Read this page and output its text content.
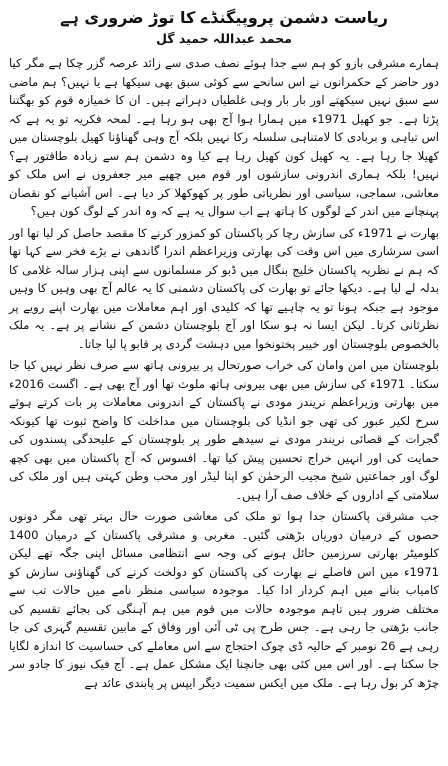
ریاست دشمن پروپیگنڈے کا توڑ ضروری ہے
محمد عبداللہ حمید گل

ہمارے مشرقی بازو کو ہم سے جدا ہوئے نصف صدی سے زائد عرصہ گزر چکا ہے مگر کیا دور حاضر کے حکمرانوں نے اس سانحے سے کوئی سبق بھی سیکھا ہے یا نہیں؟ ہم ماضی سے سبق نہیں سیکھتے اور بار بار وہی غلطیاں دہراتے ہیں۔ ان کا خمیازہ قوم کو بھگتنا پڑتا ہے۔ جو کھیل 1971ء میں ہمارا ہوا آج بھی ہو رہا ہے۔ لمحہ فکریہ تو یہ ہے کہ اس تباہی و بربادی کا لامتناہی سلسلہ رکا نہیں بلکہ آج وہی گھناؤنا کھیل بلوچستان میں کھیلا جا رہا ہے۔ یہ کھیل کون کھیل رہا ہے کیا وہ دشمن ہم سے زیادہ طاقتور ہے؟ نہیں! بلکہ ہماری اندرونی سازشوں اور قوم میں چھپے میر جعفروں نے اس ملک کو معاشی، سماجی، سیاسی اور نظریاتی طور پر کھوکھلا کر دیا ہے۔ اس آشیانے کو نقصان پہنچانے میں اندر کے لوگوں کا ہاتھ ہے اب سوال یہ ہے کہ وہ اندر کے لوگ کون ہیں؟

بھارت نے 1971ء کی سازش رچا کر پاکستان کو کمزور کرنے کا مقصد حاصل کر لیا تھا اور اسی سرشاری میں اس وقت کی بھارتی وزیراعظم اندرا گاندھی نے بڑے فخر سے کہا تھا کہ ہم نے نظریہ پاکستان خلیج بنگال میں ڈبو کر مسلمانوں سے اپنی ہزار سالہ غلامی کا بدلہ لے لیا ہے۔ دیکھا جائے تو بھارت کی پاکستان دشمنی کا یہ عالم آج بھی وہیں کا وہیں موجود ہے جبکہ ہونا تو یہ چاہیے تھا کہ کلیدی اور اہم معاملات میں بھارت اپنے رویے پر نظرثانی کرتا۔ لیکن ایسا نہ ہو سکا اور آج بلوچستان دشمن کے نشانے پر ہے۔ یہ ملک بالخصوص بلوچستان اور خیبر پختونخوا میں دہشت گردی پر قابو پا لیا جاتا۔

بلوچستان میں امن وامان کی خراب صورتحال پر بیرونی ہاتھ سے صرف نظر نہیں کیا جا سکتا۔ 1971ء کی سازش میں بھی بیرونی ہاتھ ملوث تھا اور آج بھی ہے۔ اگست 2016ء میں بھارتی وزیراعظم نریندر مودی نے پاکستان کے اندرونی معاملات پر بات کرتے ہوئے سرخ لکیر عبور کی تھی جو انڈیا کی بلوچستان میں مداخلت کا واضح ثبوت تھا کیونکہ گجرات کے قصائی نریندر مودی نے سیدھے طور پر بلوچستان کے علیحدگی پسندوں کی حمایت کی اور انہیں خراج تحسین پیش کیا تھا۔ افسوس کہ آج پاکستان میں بھی کچھ لوگ اور جماعتیں شیخ مجیب الرحمٰن کو اپنا لیڈر اور محب وطن کہتی ہیں اور ملک کی سلامتی کے اداروں کے خلاف صف آرا ہیں۔

جب مشرقی پاکستان جدا ہوا تو ملک کی معاشی صورت حال بہتر تھی مگر دونوں حصوں کے درمیان دوریاں بڑھتی گئیں۔ مغربی و مشرقی پاکستان کے درمیان 1400 کلومیٹر بھارتی سرزمین حائل ہونے کی وجہ سے انتظامی مسائل اپنی جگہ تھے لیکن 1971ء میں اس فاصلے نے بھارت کی پاکستان کو دولخت کرنے کی گھناؤنی سازش کو کامیاب بنانے میں اہم کردار ادا کیا۔ موجودہ سیاسی منظر نامے میں حالات تب سے مختلف ضرور ہیں تاہم موجودہ حالات میں قوم میں ہم آہنگی کی بجائے تقسیم کی جانب بڑھتی جا رہی ہے۔ جس طرح پی ٹی آئی اور وفاق کے مابین تقسیم گہری کی جا رہی ہے 26 نومبر کے حالیہ ڈی چوک احتجاج سے اس معاملے کی حساسیت کا اندازہ لگایا جا سکتا ہے۔ اور اس میں کئی بھی جانچنا ایک مشکل عمل ہے۔ آج فیک نیوز کا جادو سر چڑھ کر بول رہا ہے۔ ملک میں ایکس سمیت دیگر ایپس پر پابندی عائد ہے
